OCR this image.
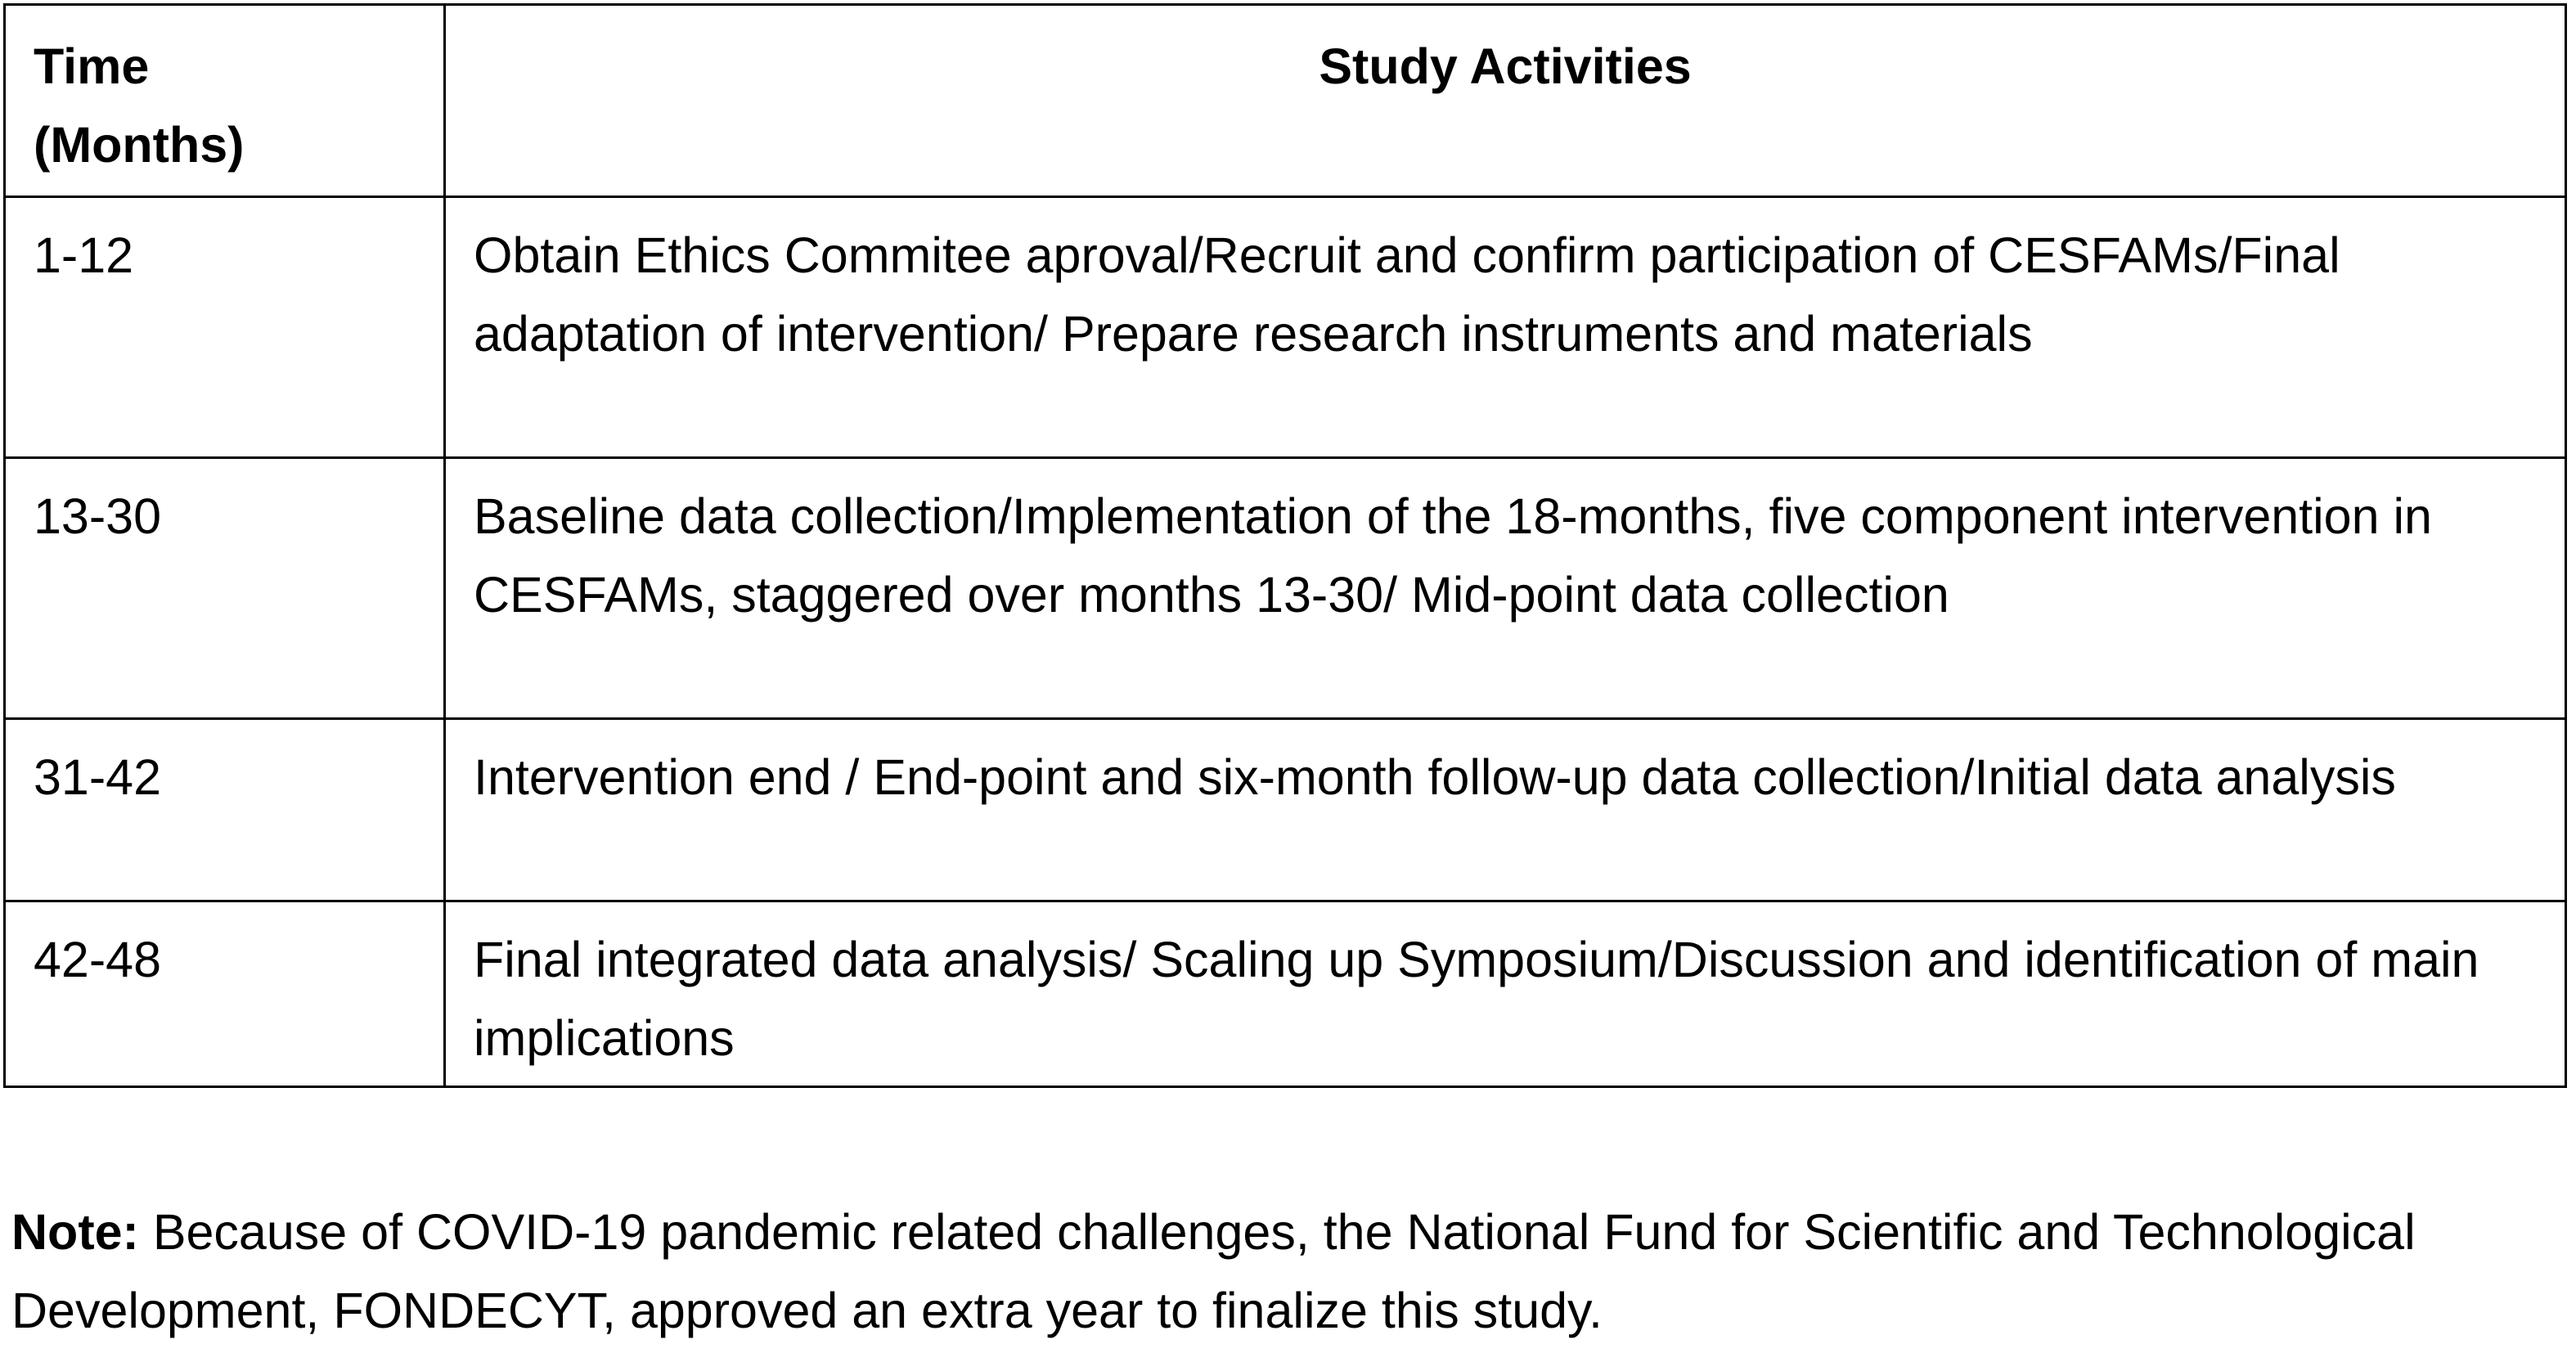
Time
(Months)	Study Activities
1-12	Obtain Ethics Commitee aproval/Recruit and confirm participation of CESFAMs/Final adaptation of intervention/ Prepare research instruments and materials
13-30	Baseline data collection/Implementation of the 18-months, five component intervention in CESFAMs, staggered over months 13-30/ Mid-point data collection
31-42	Intervention end / End-point and six-month follow-up data collection/Initial data analysis
42-48	Final integrated data analysis/ Scaling up Symposium/Discussion and identification of main implications

Note: Because of COVID-19 pandemic related challenges, the National Fund for Scientific and Technological Development, FONDECYT, approved an extra year to finalize this study.
